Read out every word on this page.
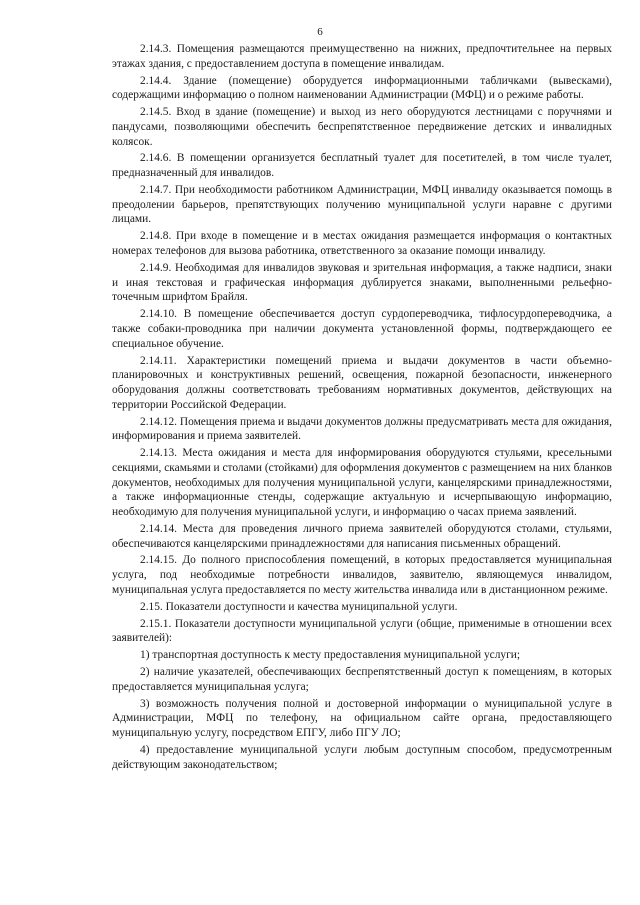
6

2.14.3. Помещения размещаются преимущественно на нижних, предпочтительнее на первых этажах здания, с предоставлением доступа в помещение инвалидам.

2.14.4. Здание (помещение) оборудуется информационными табличками (вывесками), содержащими информацию о полном наименовании Администрации (МФЦ) и о режиме работы.

2.14.5. Вход в здание (помещение) и выход из него оборудуются лестницами с поручнями и пандусами, позволяющими обеспечить беспрепятственное передвижение детских и инвалидных колясок.

2.14.6. В помещении организуется бесплатный туалет для посетителей, в том числе туалет, предназначенный для инвалидов.

2.14.7. При необходимости работником Администрации, МФЦ инвалиду оказывается помощь в преодолении барьеров, препятствующих получению муниципальной услуги наравне с другими лицами.

2.14.8. При входе в помещение и в местах ожидания размещается информация о контактных номерах телефонов для вызова работника, ответственного за оказание помощи инвалиду.

2.14.9. Необходимая для инвалидов звуковая и зрительная информация, а также надписи, знаки и иная текстовая и графическая информация дублируется знаками, выполненными рельефно-точечным шрифтом Брайля.

2.14.10. В помещение обеспечивается доступ сурдопереводчика, тифлосурдопереводчика, а также собаки-проводника при наличии документа установленной формы, подтверждающего ее специальное обучение.

2.14.11. Характеристики помещений приема и выдачи документов в части объемно-планировочных и конструктивных решений, освещения, пожарной безопасности, инженерного оборудования должны соответствовать требованиям нормативных документов, действующих на территории Российской Федерации.

2.14.12. Помещения приема и выдачи документов должны предусматривать места для ожидания, информирования и приема заявителей.

2.14.13. Места ожидания и места для информирования оборудуются стульями, кресельными секциями, скамьями и столами (стойками) для оформления документов с размещением на них бланков документов, необходимых для получения муниципальной услуги, канцелярскими принадлежностями, а также информационные стенды, содержащие актуальную и исчерпывающую информацию, необходимую для получения муниципальной услуги, и информацию о часах приема заявлений.

2.14.14. Места для проведения личного приема заявителей оборудуются столами, стульями, обеспечиваются канцелярскими принадлежностями для написания письменных обращений.

2.14.15. До полного приспособления помещений, в которых предоставляется муниципальная услуга, под необходимые потребности инвалидов, заявителю, являющемуся инвалидом, муниципальная услуга предоставляется по месту жительства инвалида или в дистанционном режиме.

2.15. Показатели доступности и качества муниципальной услуги.

2.15.1. Показатели доступности муниципальной услуги (общие, применимые в отношении всех заявителей):

1) транспортная доступность к месту предоставления муниципальной услуги;

2) наличие указателей, обеспечивающих беспрепятственный доступ к помещениям, в которых предоставляется муниципальная услуга;

3) возможность получения полной и достоверной информации о муниципальной услуге в Администрации, МФЦ по телефону, на официальном сайте органа, предоставляющего муниципальную услугу, посредством ЕПГУ, либо ПГУ ЛО;

4) предоставление муниципальной услуги любым доступным способом, предусмотренным действующим законодательством;
